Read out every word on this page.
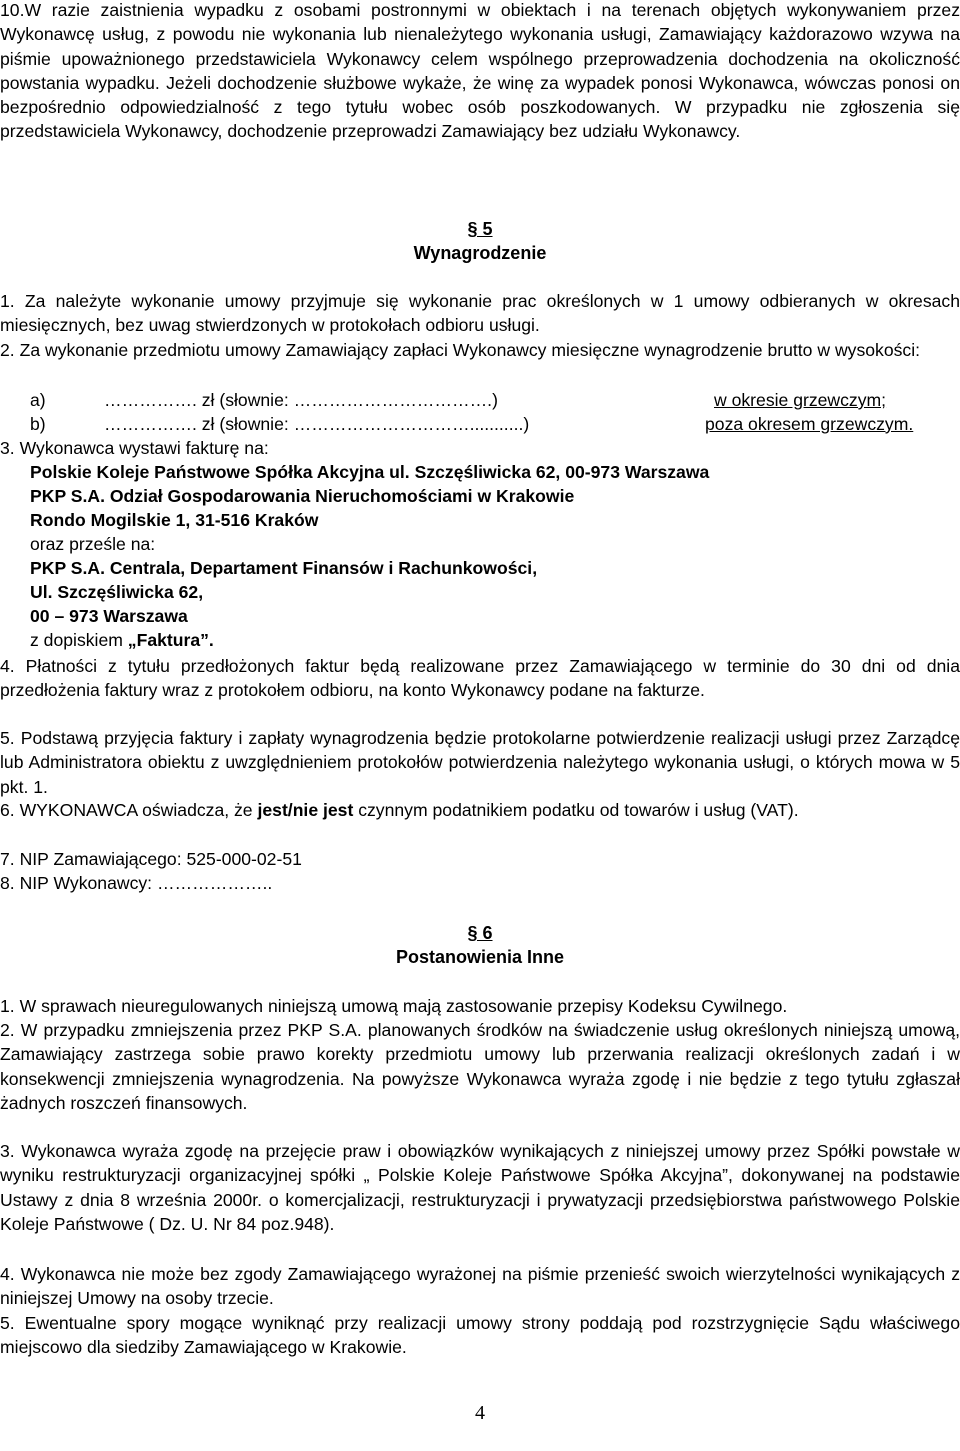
10.W razie zaistnienia wypadku z osobami postronnymi w obiektach i na terenach objętych wykonywaniem przez Wykonawcę usług, z powodu nie wykonania lub nienależytego wykonania usługi, Zamawiający każdorazowo wzywa na piśmie upoważnionego przedstawiciela Wykonawcy celem wspólnego przeprowadzenia dochodzenia na okoliczność powstania wypadku. Jeżeli dochodzenie służbowe wykaże, że winę za wypadek ponosi Wykonawca, wówczas ponosi on bezpośrednio odpowiedzialność z tego tytułu wobec osób poszkodowanych. W przypadku nie zgłoszenia się przedstawiciela Wykonawcy, dochodzenie przeprowadzi Zamawiający bez udziału Wykonawcy.

§ 5
Wynagrodzenie

1. Za należyte wykonanie umowy przyjmuje się wykonanie prac określonych w 1 umowy odbieranych w okresach miesięcznych, bez uwag stwierdzonych w protokołach odbioru usługi.

2. Za wykonanie przedmiotu umowy Zamawiający zapłaci Wykonawcy miesięczne wynagrodzenie brutto w wysokości:

a)	……………. zł (słownie: …………………………….)	w okresie grzewczym;
b)	……………. zł (słownie: …………………………...........)	poza okresem grzewczym.
3. Wykonawca wystawi fakturę na:
Polskie Koleje Państwowe Spółka Akcyjna ul. Szczęśliwicka 62, 00-973 Warszawa
PKP S.A. Odział Gospodarowania Nieruchomościami w Krakowie
Rondo Mogilskie 1, 31-516 Kraków
oraz prześle na:
PKP S.A. Centrala, Departament Finansów i Rachunkowości,
Ul. Szczęśliwicka 62,
00 – 973 Warszawa
z dopiskiem „Faktura”.

4. Płatności z tytułu przedłożonych faktur będą realizowane przez Zamawiającego w terminie do 30 dni od dnia przedłożenia faktury wraz z protokołem odbioru, na konto Wykonawcy podane na fakturze.

5. Podstawą przyjęcia faktury i zapłaty wynagrodzenia będzie protokolarne potwierdzenie realizacji usługi przez Zarządcę lub Administratora obiektu z uwzględnieniem protokołów potwierdzenia należytego wykonania usługi, o których mowa w 5 pkt. 1.

6. WYKONAWCA oświadcza, że jest/nie jest czynnym podatnikiem podatku od towarów i usług (VAT).

7. NIP Zamawiającego: 525-000-02-51
8. NIP Wykonawcy: ………………..
§ 6
Postanowienia Inne
1. W sprawach nieuregulowanych niniejszą umową mają zastosowanie przepisy Kodeksu Cywilnego.

2. W przypadku zmniejszenia przez PKP S.A. planowanych środków na świadczenie usług określonych niniejszą umową, Zamawiający zastrzega sobie prawo korekty przedmiotu umowy lub przerwania realizacji określonych zadań i w konsekwencji zmniejszenia wynagrodzenia. Na powyższe Wykonawca wyraża zgodę i nie będzie z tego tytułu zgłaszał żadnych roszczeń finansowych.

3. Wykonawca wyraża zgodę na przejęcie praw i obowiązków wynikających z niniejszej umowy przez Spółki powstałe w wyniku restrukturyzacji organizacyjnej spółki „ Polskie Koleje Państwowe Spółka Akcyjna”, dokonywanej na podstawie Ustawy z dnia 8 września 2000r. o komercjalizacji, restrukturyzacji i prywatyzacji przedsiębiorstwa państwowego Polskie Koleje Państwowe ( Dz. U. Nr 84 poz.948).

4. Wykonawca nie może bez zgody Zamawiającego wyrażonej na piśmie przenieść swoich wierzytelności wynikających z niniejszej Umowy na osoby trzecie.

5. Ewentualne spory mogące wyniknąć przy realizacji umowy strony poddają pod rozstrzygnięcie Sądu właściwego miejscowo dla siedziby Zamawiającego w Krakowie.

4
